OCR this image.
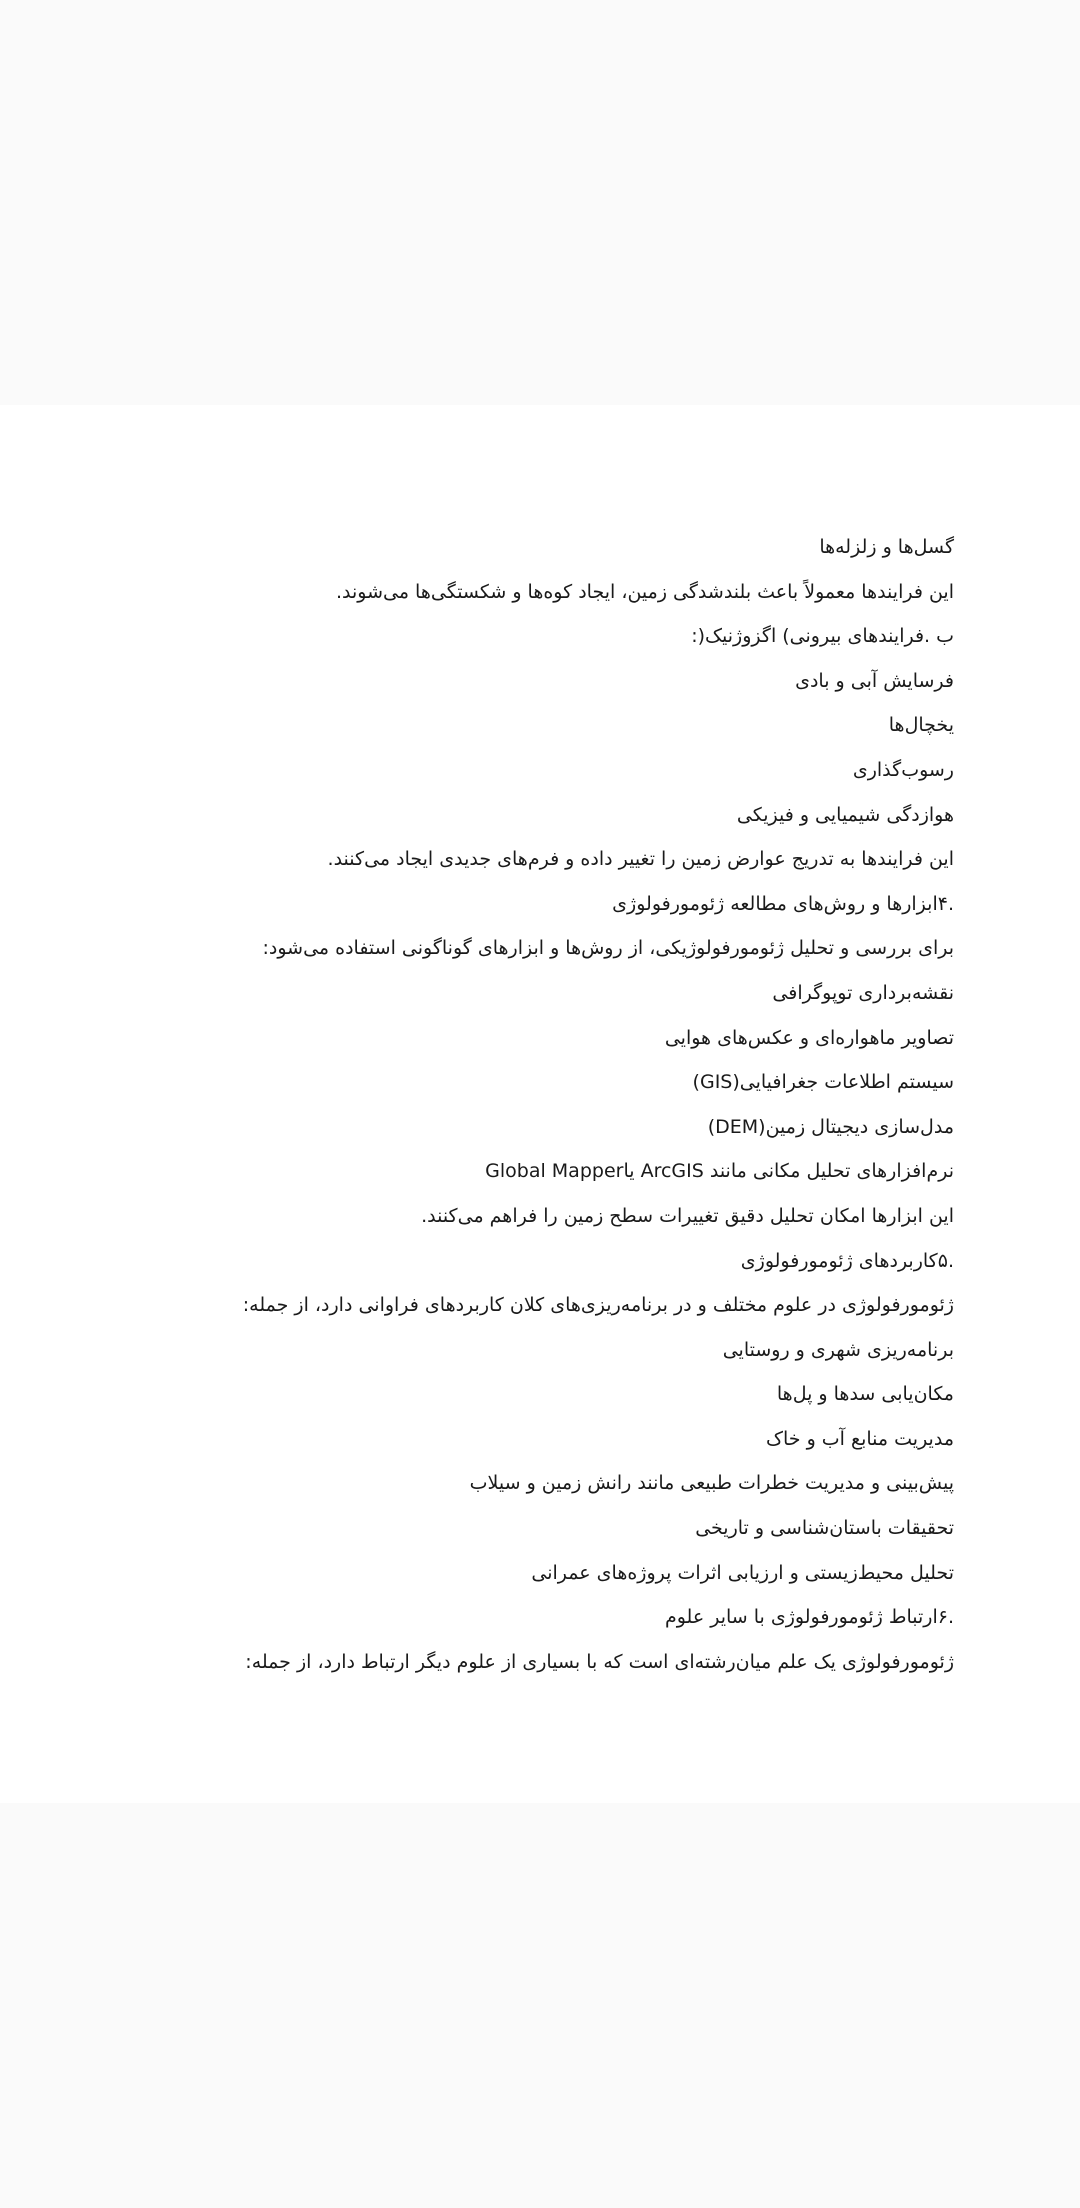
گسل‌ها و زلزله‌ها
این فرایندها معمولاً باعث بلندشدگی زمین، ایجاد کوه‌ها و شکستگی‌ها می‌شوند.
ب .فرایندهای بیرونی) اگزوژنیک(:
فرسایش آبی و بادی
یخچال‌ها
رسوب‌گذاری
هوازدگی شیمیایی و فیزیکی
این فرایندها به تدریج عوارض زمین را تغییر داده و فرم‌های جدیدی ایجاد می‌کنند.
.۴ابزارها و روش‌های مطالعه ژئومورفولوژی
برای بررسی و تحلیل ژئومورفولوژیکی، از روش‌ها و ابزارهای گوناگونی استفاده می‌شود:
نقشه‌برداری توپوگرافی
تصاویر ماهواره‌ای و عکس‌های هوایی
سیستم اطلاعات جغرافیایی(GIS)
مدل‌سازی دیجیتال زمین(DEM)
نرم‌افزارهای تحلیل مکانی مانند ArcGIS یاGlobal Mapper
این ابزارها امکان تحلیل دقیق تغییرات سطح زمین را فراهم می‌کنند.
.۵کاربردهای ژئومورفولوژی
ژئومورفولوژی در علوم مختلف و در برنامه‌ریزی‌های کلان کاربردهای فراوانی دارد، از جمله:
برنامه‌ریزی شهری و روستایی
مکان‌یابی سدها و پل‌ها
مدیریت منابع آب و خاک
پیش‌بینی و مدیریت خطرات طبیعی مانند رانش زمین و سیلاب
تحقیقات باستان‌شناسی و تاریخی
تحلیل محیط‌زیستی و ارزیابی اثرات پروژه‌های عمرانی
.۶ارتباط ژئومورفولوژی با سایر علوم
ژئومورفولوژی یک علم میان‌رشته‌ای است که با بسیاری از علوم دیگر ارتباط دارد، از جمله:
